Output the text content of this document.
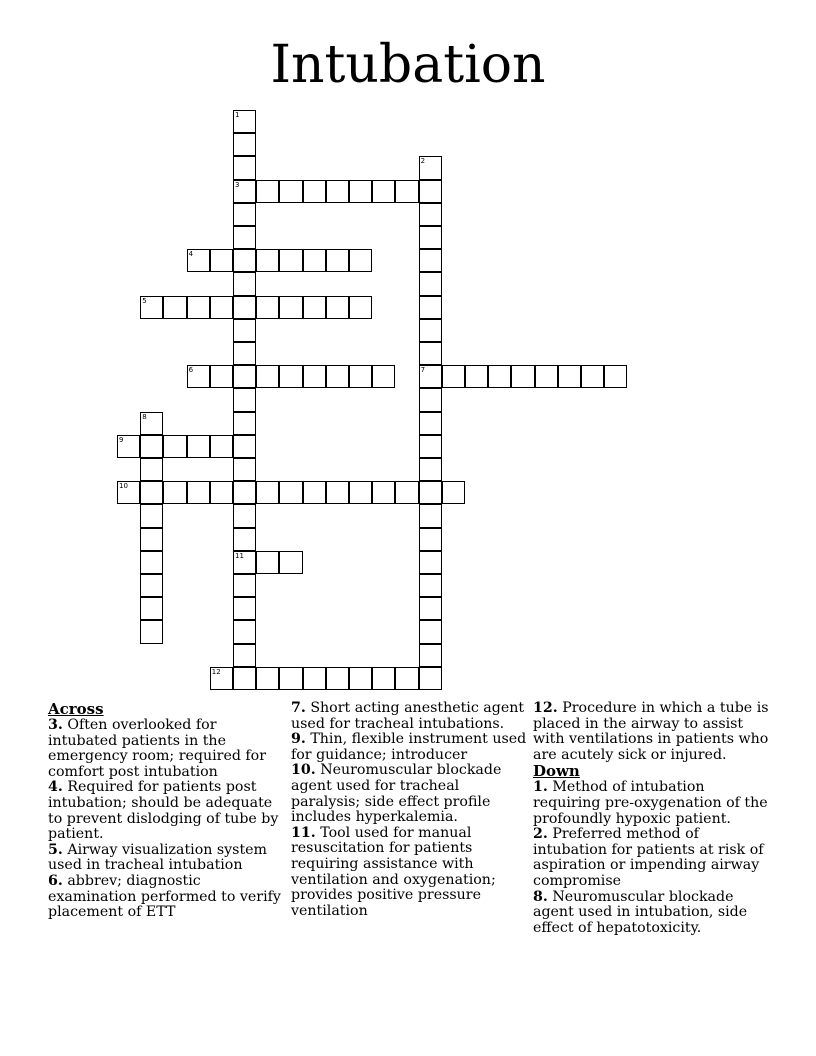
Intubation
1
3
11
2
7
4
5
6
8
9
10
12
Across
3. Often overlooked for intubated patients in the emergency room; required for comfort post intubation
4. Required for patients post intubation; should be adequate to prevent dislodging of tube by patient.
5. Airway visualization system used in tracheal intubation
6. abbrev; diagnostic examination performed to verify placement of ETT
7. Short acting anesthetic agent used for tracheal intubations.
9. Thin, flexible instrument used for guidance; introducer
10. Neuromuscular blockade agent used for tracheal paralysis; side effect profile includes hyperkalemia.
11. Tool used for manual resuscitation for patients requiring assistance with ventilation and oxygenation; provides positive pressure ventilation
12. Procedure in which a tube is placed in the airway to assist with ventilations in patients who are acutely sick or injured.
Down
1. Method of intubation requiring pre-oxygenation of the profoundly hypoxic patient.
2. Preferred method of intubation for patients at risk of aspiration or impending airway compromise
8. Neuromuscular blockade agent used in intubation, side effect of hepatotoxicity.
